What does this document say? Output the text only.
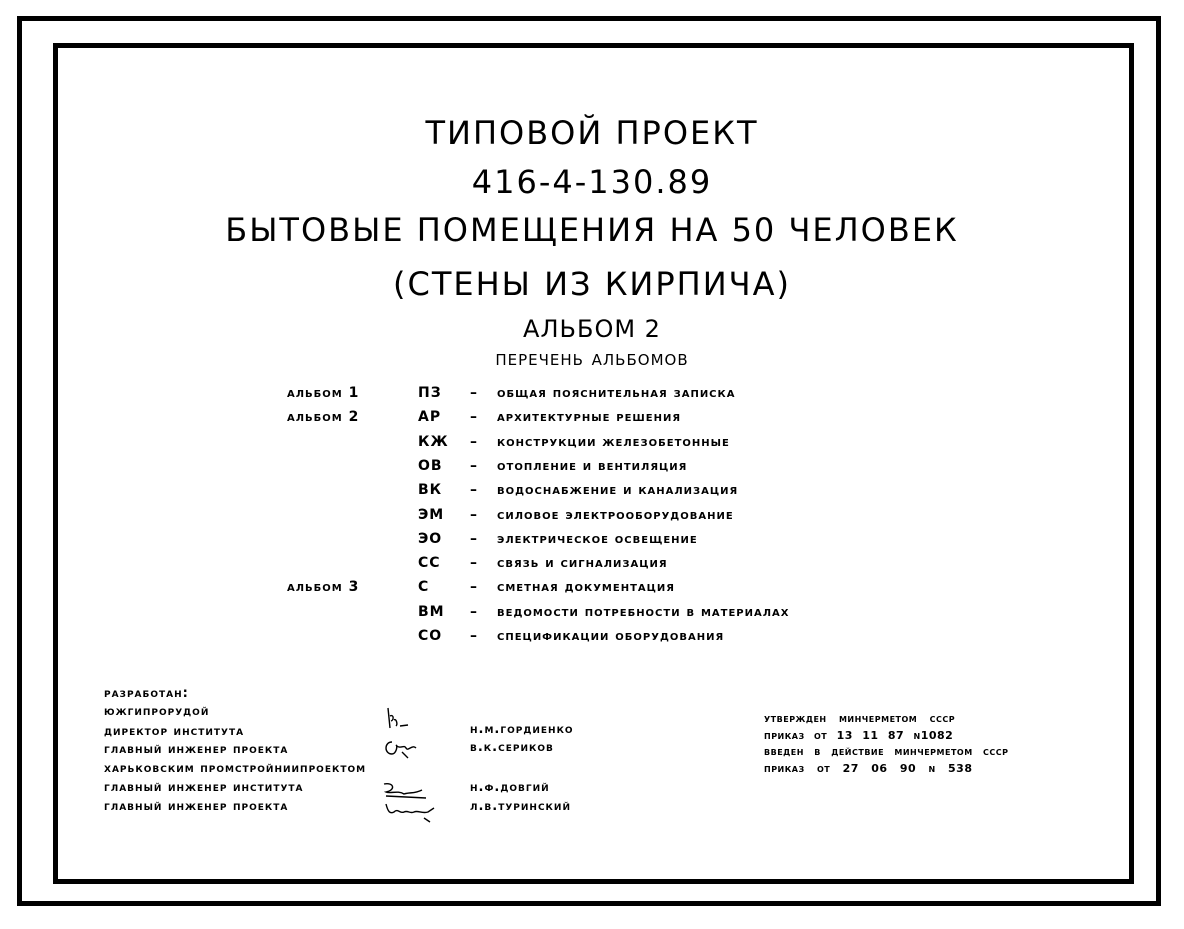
ТИПОВОЙ ПРОЕКТ
416-4-130.89
БЫТОВЫЕ ПОМЕЩЕНИЯ НА 50 ЧЕЛОВЕК
(СТЕНЫ ИЗ КИРПИЧА)
АЛЬБОМ 2
перечень альбомов
альбом 1	ПЗ – общая пояснительная записка
альбом 2	АР – архитектурные решения
КЖ – конструкции железобетонные
ОВ – отопление и вентиляция
ВК – водоснабжение и канализация
ЭМ – силовое электрооборудование
ЭО – электрическое освещение
СС – связь и сигнализация
альбом 3	С	– сметная документация
ВМ – ведомости потребности в материалах
СО – спецификации оборудования
разработан:
южгипрорудой
директор института	н.м.гордиенко
главный инженер проекта	в.к.сериков
харьковским промстройниипроектом
главный инженер института	н.ф.довгий
главный инженер проекта	л.в.туринский
утвержден минчерметом ссср
приказ от 13 11 87 n1082
введен в действие минчерметом ссср
приказ от 27 06 90 n 538
